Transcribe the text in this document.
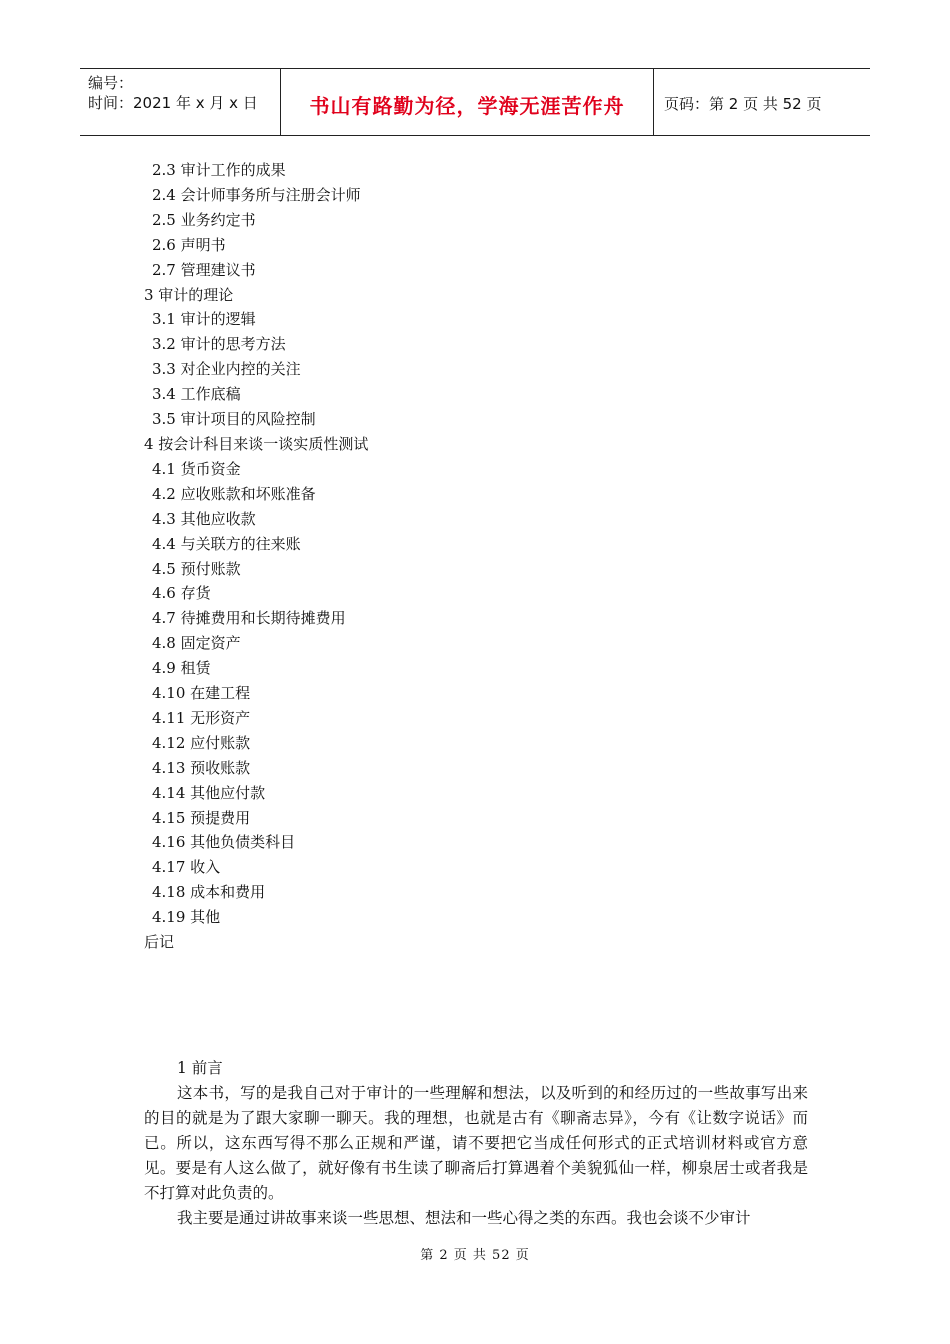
编号：
时间：2021 年 x 月 x 日	书山有路勤为径，学海无涯苦作舟	页码：第 2 页 共 52 页
2.3 审计工作的成果
2.4 会计师事务所与注册会计师
2.5 业务约定书
2.6 声明书
2.7 管理建议书
3 审计的理论
3.1 审计的逻辑
3.2 审计的思考方法
3.3 对企业内控的关注
3.4 工作底稿
3.5 审计项目的风险控制
4 按会计科目来谈一谈实质性测试
4.1 货币资金
4.2 应收账款和坏账准备
4.3 其他应收款
4.4 与关联方的往来账
4.5 预付账款
4.6 存货
4.7 待摊费用和长期待摊费用
4.8 固定资产
4.9 租赁
4.10 在建工程
4.11 无形资产
4.12 应付账款
4.13 预收账款
4.14 其他应付款
4.15 预提费用
4.16 其他负债类科目
4.17 收入
4.18 成本和费用
4.19 其他
后记

1 前言

这本书，写的是我自己对于审计的一些理解和想法，以及听到的和经历过的一些故事写出来的目的就是为了跟大家聊一聊天。我的理想，也就是古有《聊斋志异》，今有《让数字说话》而已。所以，这东西写得不那么正规和严谨，请不要把它当成任何形式的正式培训材料或官方意见。要是有人这么做了，就好像有书生读了聊斋后打算遇着个美貌狐仙一样，柳泉居士或者我是不打算对此负责的。

我主要是通过讲故事来谈一些思想、想法和一些心得之类的东西。我也会谈不少审计

第 2 页 共 52 页
